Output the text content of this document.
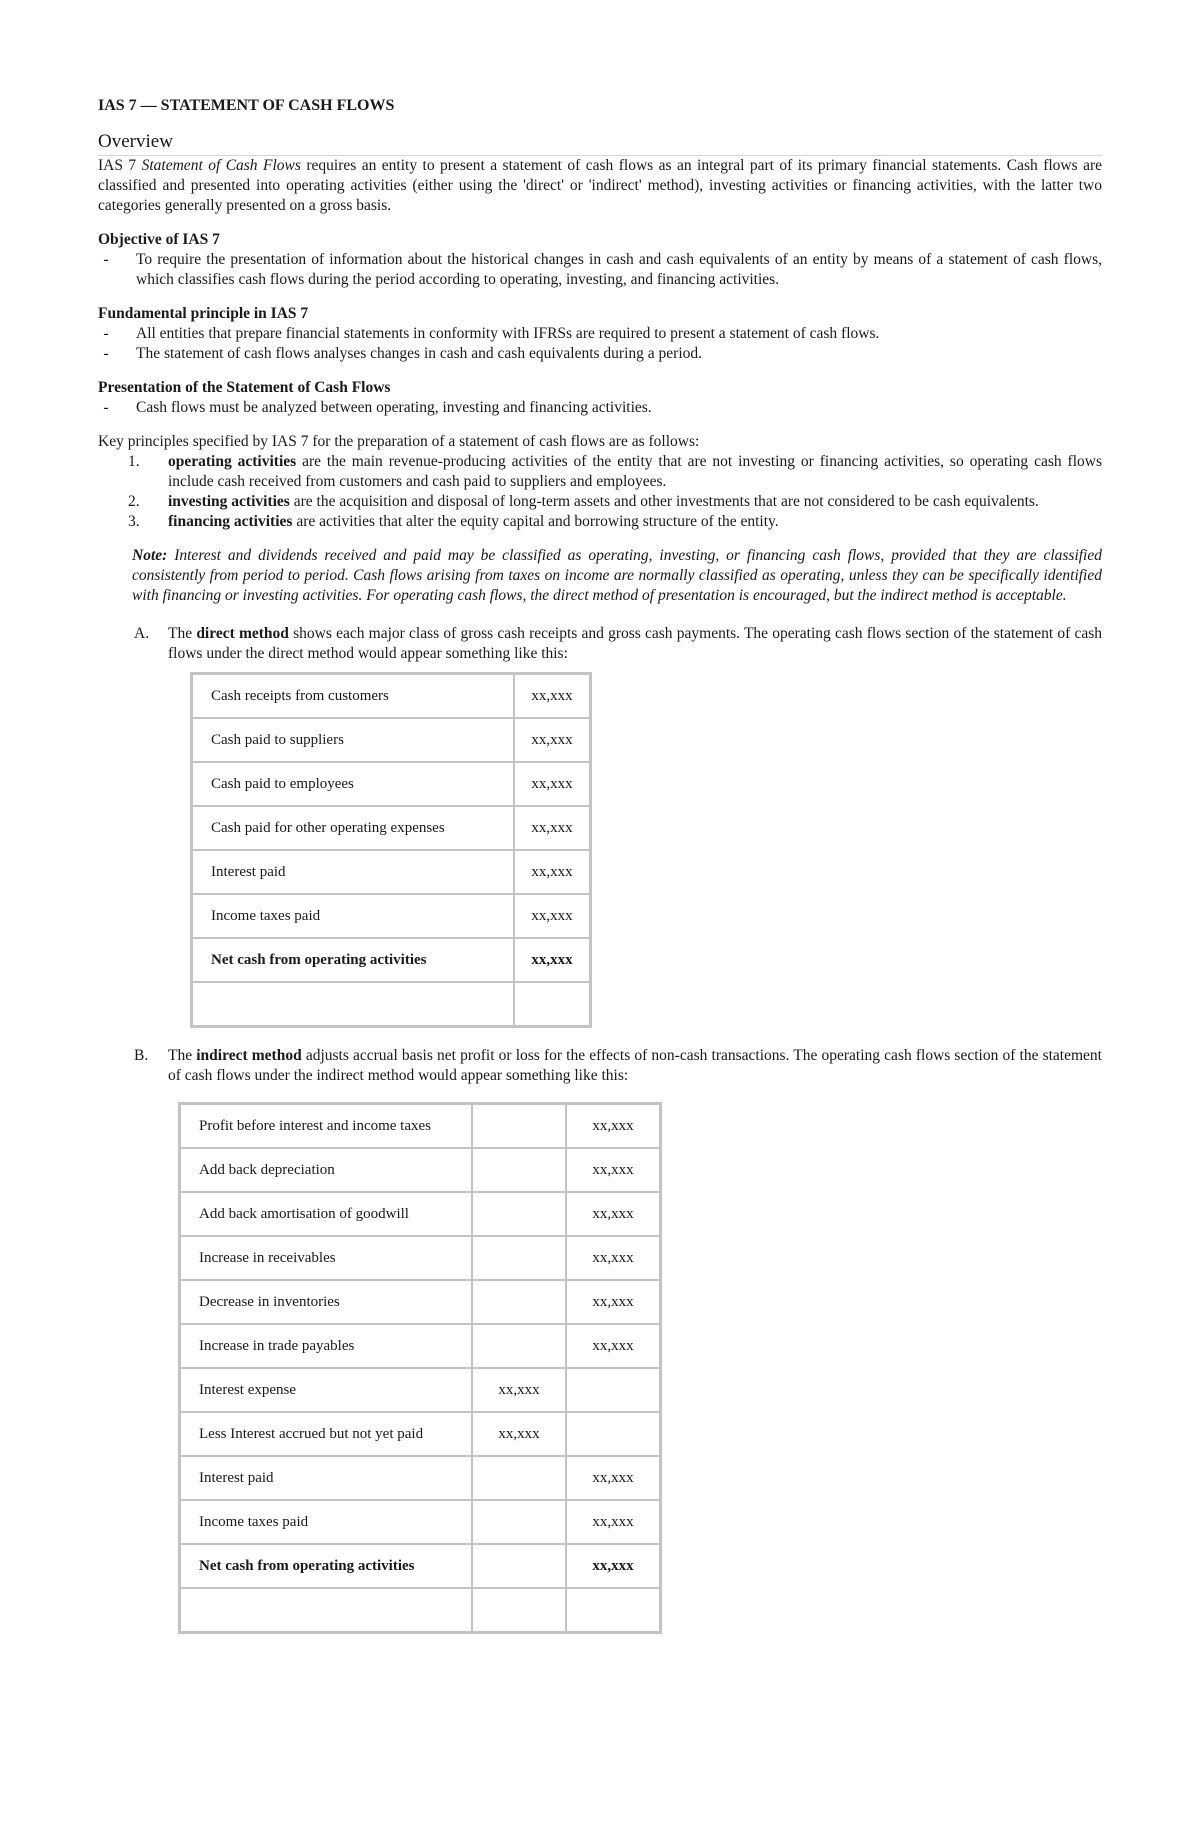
IAS 7 — STATEMENT OF CASH FLOWS
Overview

IAS 7 Statement of Cash Flows requires an entity to present a statement of cash flows as an integral part of its primary financial statements. Cash flows are classified and presented into operating activities (either using the 'direct' or 'indirect' method), investing activities or financing activities, with the latter two categories generally presented on a gross basis.

Objective of IAS 7
- To require the presentation of information about the historical changes in cash and cash equivalents of an entity by means of a statement of cash flows, which classifies cash flows during the period according to operating, investing, and financing activities.
Fundamental principle in IAS 7
- All entities that prepare financial statements in conformity with IFRSs are required to present a statement of cash flows.
- The statement of cash flows analyses changes in cash and cash equivalents during a period.
Presentation of the Statement of Cash Flows
- Cash flows must be analyzed between operating, investing and financing activities.

Key principles specified by IAS 7 for the preparation of a statement of cash flows are as follows:

1. operating activities are the main revenue-producing activities of the entity that are not investing or financing activities, so operating cash flows include cash received from customers and cash paid to suppliers and employees.
2. investing activities are the acquisition and disposal of long-term assets and other investments that are not considered to be cash equivalents.
3. financing activities are activities that alter the equity capital and borrowing structure of the entity.

Note: Interest and dividends received and paid may be classified as operating, investing, or financing cash flows, provided that they are classified consistently from period to period. Cash flows arising from taxes on income are normally classified as operating, unless they can be specifically identified with financing or investing activities. For operating cash flows, the direct method of presentation is encouraged, but the indirect method is acceptable.

A. The direct method shows each major class of gross cash receipts and gross cash payments. The operating cash flows section of the statement of cash flows under the direct method would appear something like this:
Cash receipts from customers	xx,xxx
Cash paid to suppliers	xx,xxx
Cash paid to employees	xx,xxx
Cash paid for other operating expenses	xx,xxx
Interest paid	xx,xxx
Income taxes paid	xx,xxx
Net cash from operating activities	xx,xxx

B. The indirect method adjusts accrual basis net profit or loss for the effects of non-cash transactions. The operating cash flows section of the statement of cash flows under the indirect method would appear something like this:
Profit before interest and income taxes		xx,xxx
Add back depreciation		xx,xxx
Add back amortisation of goodwill		xx,xxx
Increase in receivables		xx,xxx
Decrease in inventories		xx,xxx
Increase in trade payables		xx,xxx
Interest expense	xx,xxx	
Less Interest accrued but not yet paid	xx,xxx	
Interest paid		xx,xxx
Income taxes paid		xx,xxx
Net cash from operating activities		xx,xxx
